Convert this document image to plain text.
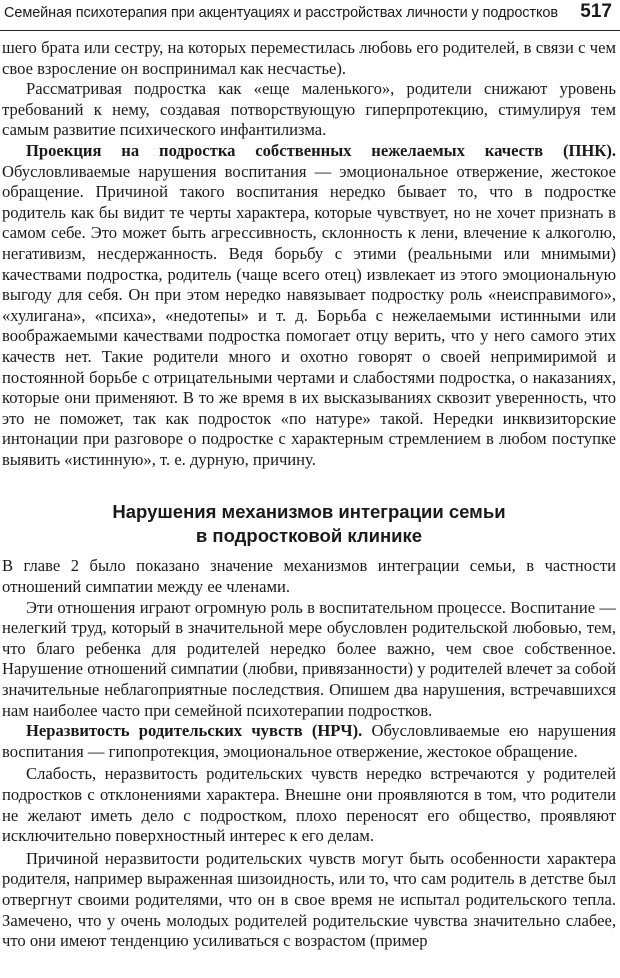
Семейная психотерапия при акцентуациях и расстройствах личности у подростков 517

шего брата или сестру, на которых переместилась любовь его родителей, в связи с чем свое взросление он воспринимал как несчастье).

Рассматривая подростка как «еще маленького», родители снижают уровень требований к нему, создавая потворствующую гиперпротекцию, стимулируя тем самым развитие психического инфантилизма.

Проекция на подростка собственных нежелаемых качеств (ПНК). Обусловливаемые нарушения воспитания — эмоциональное отвержение, жестокое обращение. Причиной такого воспитания нередко бывает то, что в подростке родитель как бы видит те черты характера, которые чувствует, но не хочет признать в самом себе. Это может быть агрессивность, склонность к лени, влечение к алкоголю, негативизм, несдержанность. Ведя борьбу с этими (реальными или мнимыми) качествами подростка, родитель (чаще всего отец) извлекает из этого эмоциональную выгоду для себя. Он при этом нередко навязывает подростку роль «неисправимого», «хулигана», «психа», «недотепы» и т. д. Борьба с нежелаемыми истинными или воображаемыми качествами подростка помогает отцу верить, что у него самого этих качеств нет. Такие родители много и охотно говорят о своей непримиримой и постоянной борьбе с отрицательными чертами и слабостями подростка, о наказаниях, которые они применяют. В то же время в их высказываниях сквозит уверенность, что это не поможет, так как подросток «по натуре» такой. Нередки инквизиторские интонации при разговоре о подростке с характерным стремлением в любом поступке выявить «истинную», т. е. дурную, причину.

Нарушения механизмов интеграции семьи
в подростковой клинике

В главе 2 было показано значение механизмов интеграции семьи, в частности отношений симпатии между ее членами.

Эти отношения играют огромную роль в воспитательном процессе. Воспитание — нелегкий труд, который в значительной мере обусловлен родительской любовью, тем, что благо ребенка для родителей нередко более важно, чем свое собственное. Нарушение отношений симпатии (любви, привязанности) у родителей влечет за собой значительные неблагоприятные последствия. Опишем два нарушения, встречавшихся нам наиболее часто при семейной психотерапии подростков.

Неразвитость родительских чувств (НРЧ). Обусловливаемые ею нарушения воспитания — гипопротекция, эмоциональное отвержение, жестокое обращение.

Слабость, неразвитость родительских чувств нередко встречаются у родителей подростков с отклонениями характера. Внешне они проявляются в том, что родители не желают иметь дело с подростком, плохо переносят его общество, проявляют исключительно поверхностный интерес к его делам.

Причиной неразвитости родительских чувств могут быть особенности характера родителя, например выраженная шизоидность, или то, что сам родитель в детстве был отвергнут своими родителями, что он в свое время не испытал родительского тепла. Замечено, что у очень молодых родителей родительские чувства значительно слабее, что они имеют тенденцию усиливаться с возрастом (пример
